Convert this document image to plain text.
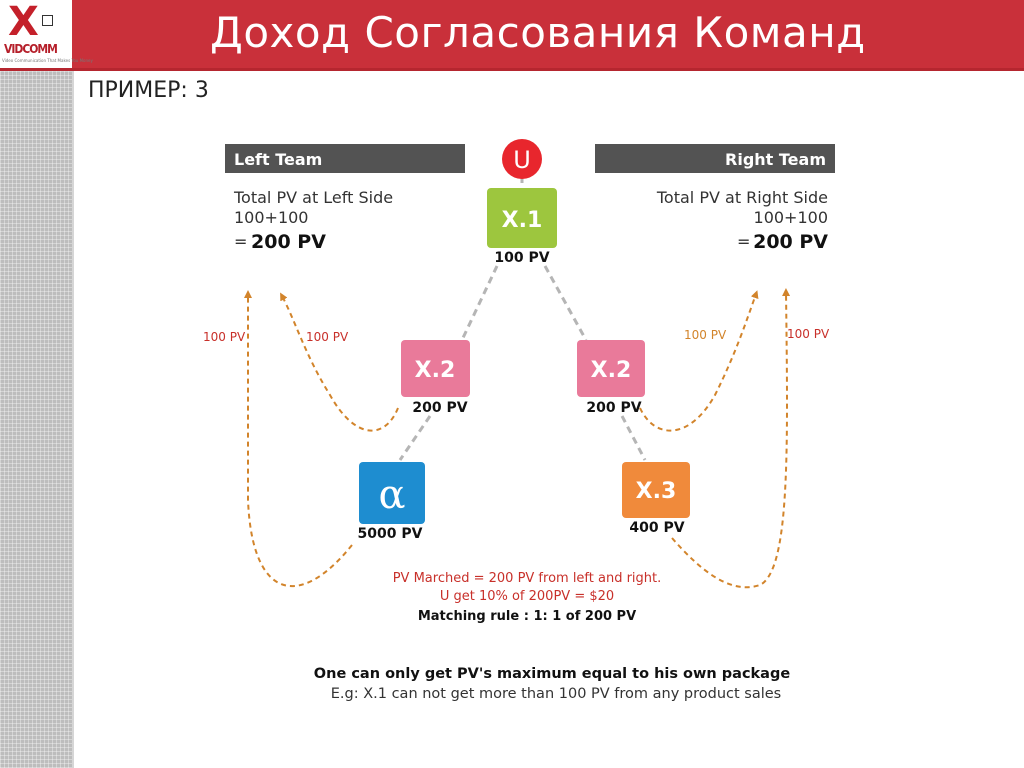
X
VIDCOMM
Video Communication That Makes You Money
Доход Согласования Команд
ПРИМЕР: 3
Left Team	Right Team
Total PV at Left Side
100+100
= 200 PV
Total PV at Right Side
100+100
= 200 PV
100 PV	100 PV	100 PV	100 PV
U
X.1
100 PV
X.2
200 PV
X.2
200 PV
α
5000 PV
X.3
400 PV
PV Marched = 200 PV from left and right.
U get 10% of 200PV = $20
Matching rule : 1: 1 of 200 PV
One can only get PV's maximum equal to his own package
E.g: X.1 can not get more than 100 PV from any product sales
